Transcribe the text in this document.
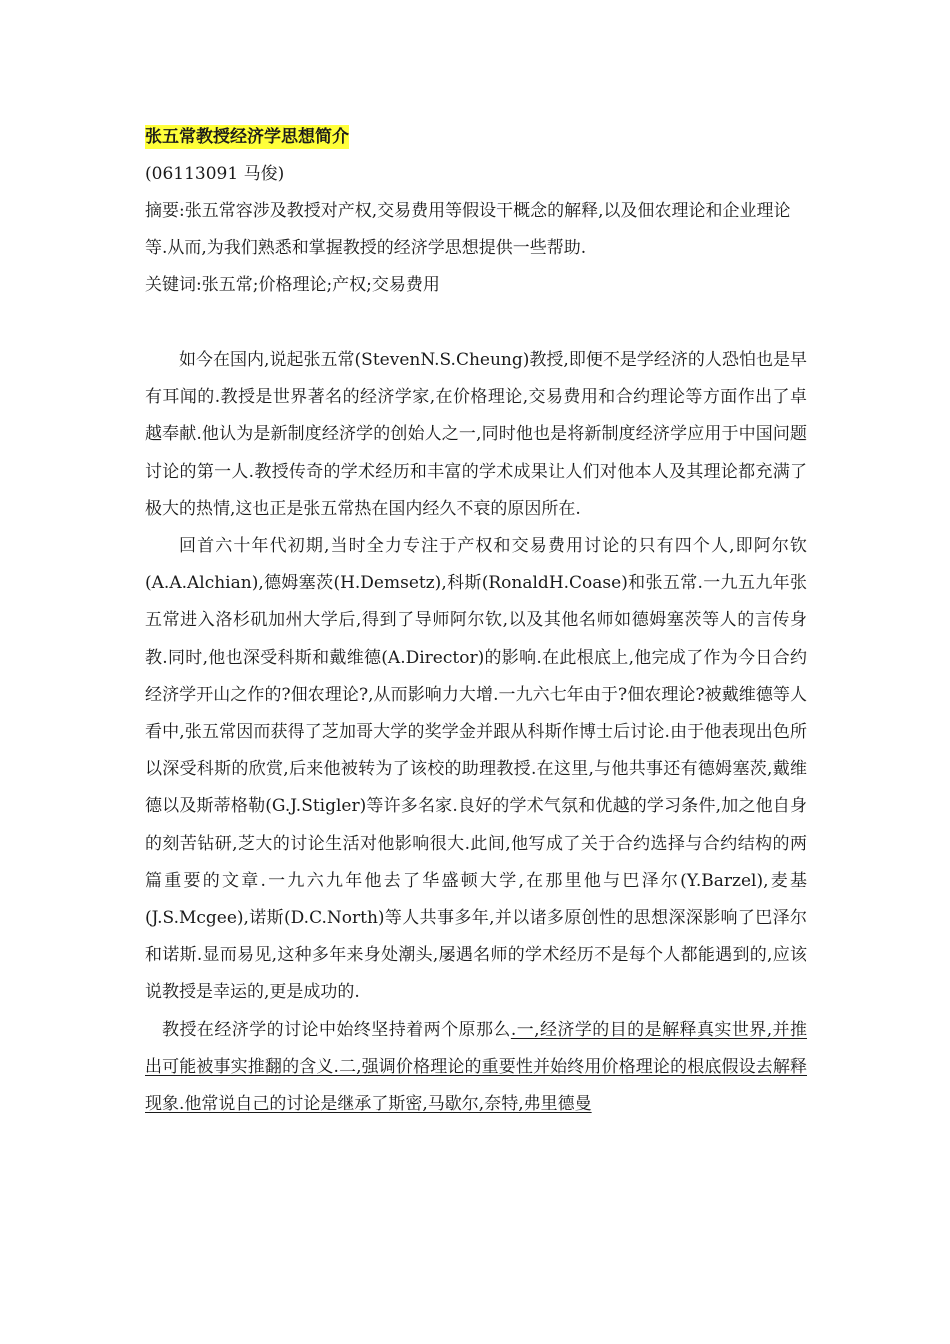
张五常教授经济学思想简介
(06113091 马俊)
摘要:张五常容涉及教授对产权,交易费用等假设干概念的解释,以及佃农理论和企业理论等.从而,为我们熟悉和掌握教授的经济学思想提供一些帮助.
关键词:张五常;价格理论;产权;交易费用

如今在国内,说起张五常(StevenN.S.Cheung)教授,即便不是学经济的人恐怕也是早有耳闻的.教授是世界著名的经济学家,在价格理论,交易费用和合约理论等方面作出了卓越奉献.他认为是新制度经济学的创始人之一,同时他也是将新制度经济学应用于中国问题讨论的第一人.教授传奇的学术经历和丰富的学术成果让人们对他本人及其理论都充满了极大的热情,这也正是张五常热在国内经久不衰的原因所在.

回首六十年代初期,当时全力专注于产权和交易费用讨论的只有四个人,即阿尔钦(A.A.Alchian),德姆塞茨(H.Demsetz),科斯(RonaldH.Coase)和张五常.一九五九年张五常进入洛杉矶加州大学后,得到了导师阿尔钦,以及其他名师如德姆塞茨等人的言传身教.同时,他也深受科斯和戴维德(A.Director)的影响.在此根底上,他完成了作为今日合约经济学开山之作的?佃农理论?,从而影响力大增.一九六七年由于?佃农理论?被戴维德等人看中,张五常因而获得了芝加哥大学的奖学金并跟从科斯作博士后讨论.由于他表现出色所以深受科斯的欣赏,后来他被转为了该校的助理教授.在这里,与他共事还有德姆塞茨,戴维德以及斯蒂格勒(G.J.Stigler)等许多名家.良好的学术气氛和优越的学习条件,加之他自身的刻苦钻研,芝大的讨论生活对他影响很大.此间,他写成了关于合约选择与合约结构的两篇重要的文章.一九六九年他去了华盛顿大学,在那里他与巴泽尔(Y.Barzel),麦基(J.S.Mcgee),诺斯(D.C.North)等人共事多年,并以诸多原创性的思想深深影响了巴泽尔和诺斯.显而易见,这种多年来身处潮头,屡遇名师的学术经历不是每个人都能遇到的,应该说教授是幸运的,更是成功的.

教授在经济学的讨论中始终坚持着两个原那么.一,经济学的目的是解释真实世界,并推出可能被事实推翻的含义.二,强调价格理论的重要性并始终用价格理论的根底假设去解释现象.他常说自己的讨论是继承了斯密,马歇尔,奈特,弗里德曼
